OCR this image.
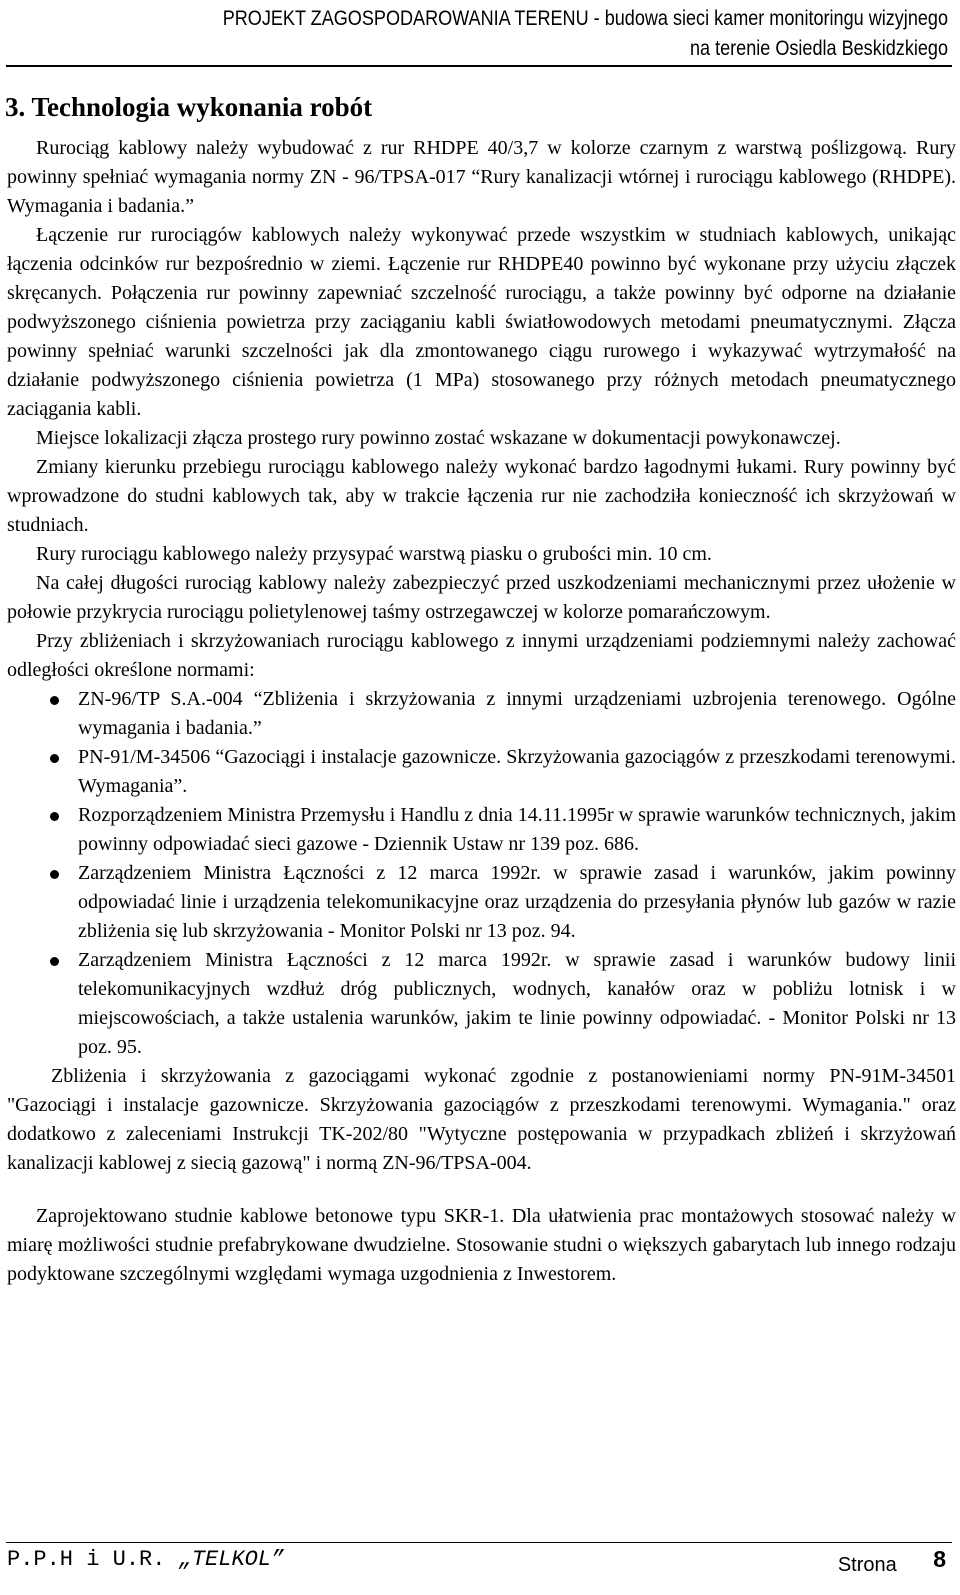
PROJEKT ZAGOSPODAROWANIA TERENU - budowa sieci kamer monitoringu wizyjnego
na terenie Osiedla Beskidzkiego
3. Technologia wykonania robót

Rurociąg kablowy należy wybudować z rur RHDPE 40/3,7 w kolorze czarnym z warstwą poślizgową. Rury powinny spełniać wymagania normy ZN - 96/TPSA-017 “Rury kanalizacji wtórnej i rurociągu kablowego (RHDPE). Wymagania i badania.”

Łączenie rur rurociągów kablowych należy wykonywać przede wszystkim w studniach kablowych, unikając łączenia odcinków rur bezpośrednio w ziemi. Łączenie rur RHDPE40 powinno być wykonane przy użyciu złączek skręcanych. Połączenia rur powinny zapewniać szczelność rurociągu, a także powinny być odporne na działanie podwyższonego ciśnienia powietrza przy zaciąganiu kabli światłowodowych metodami pneumatycznymi. Złącza powinny spełniać warunki szczelności jak dla zmontowanego ciągu rurowego i wykazywać wytrzymałość na działanie podwyższonego ciśnienia powietrza (1 MPa) stosowanego przy różnych metodach pneumatycznego zaciągania kabli.

Miejsce lokalizacji złącza prostego rury powinno zostać wskazane w dokumentacji powykonawczej.

Zmiany kierunku przebiegu rurociągu kablowego należy wykonać bardzo łagodnymi łukami. Rury powinny być wprowadzone do studni kablowych tak, aby w trakcie łączenia rur nie zachodziła konieczność ich skrzyżowań w studniach.

Rury rurociągu kablowego należy przysypać warstwą piasku o grubości min. 10 cm.

Na całej długości rurociąg kablowy należy zabezpieczyć przed uszkodzeniami mechanicznymi przez ułożenie w połowie przykrycia rurociągu polietylenowej taśmy ostrzegawczej w kolorze pomarańczowym.

Przy zbliżeniach i skrzyżowaniach rurociągu kablowego z innymi urządzeniami podziemnymi należy zachować odległości określone normami:

ZN-96/TP S.A.-004 “Zbliżenia i skrzyżowania z innymi urządzeniami uzbrojenia terenowego. Ogólne wymagania i badania.”
PN-91/M-34506 “Gazociągi i instalacje gazownicze. Skrzyżowania gazociągów z przeszkodami terenowymi. Wymagania”.
Rozporządzeniem Ministra Przemysłu i Handlu z dnia 14.11.1995r w sprawie warunków technicznych, jakim powinny odpowiadać sieci gazowe - Dziennik Ustaw nr 139 poz. 686.
Zarządzeniem Ministra Łączności z 12 marca 1992r. w sprawie zasad i warunków, jakim powinny odpowiadać linie i urządzenia telekomunikacyjne oraz urządzenia do przesyłania płynów lub gazów w razie zbliżenia się lub skrzyżowania - Monitor Polski nr 13 poz. 94.
Zarządzeniem Ministra Łączności z 12 marca 1992r. w sprawie zasad i warunków budowy linii telekomunikacyjnych wzdłuż dróg publicznych, wodnych, kanałów oraz w pobliżu lotnisk i w miejscowościach, a także ustalenia warunków, jakim te linie powinny odpowiadać. - Monitor Polski nr 13 poz. 95.

Zbliżenia i skrzyżowania z gazociągami wykonać zgodnie z postanowieniami normy PN-91M-34501 "Gazociągi i instalacje gazownicze. Skrzyżowania gazociągów z przeszkodami terenowymi. Wymagania." oraz dodatkowo z zaleceniami Instrukcji TK-202/80 "Wytyczne postępowania w przypadkach zbliżeń i skrzyżowań kanalizacji kablowej z siecią gazową" i normą ZN-96/TPSA-004.

Zaprojektowano studnie kablowe betonowe typu SKR-1. Dla ułatwienia prac montażowych stosować należy w miarę możliwości studnie prefabrykowane dwudzielne. Stosowanie studni o większych gabarytach lub innego rodzaju podyktowane szczególnymi względami wymaga uzgodnienia z Inwestorem.

P.P.H i U.R. „TELKOL”	Strona 8
